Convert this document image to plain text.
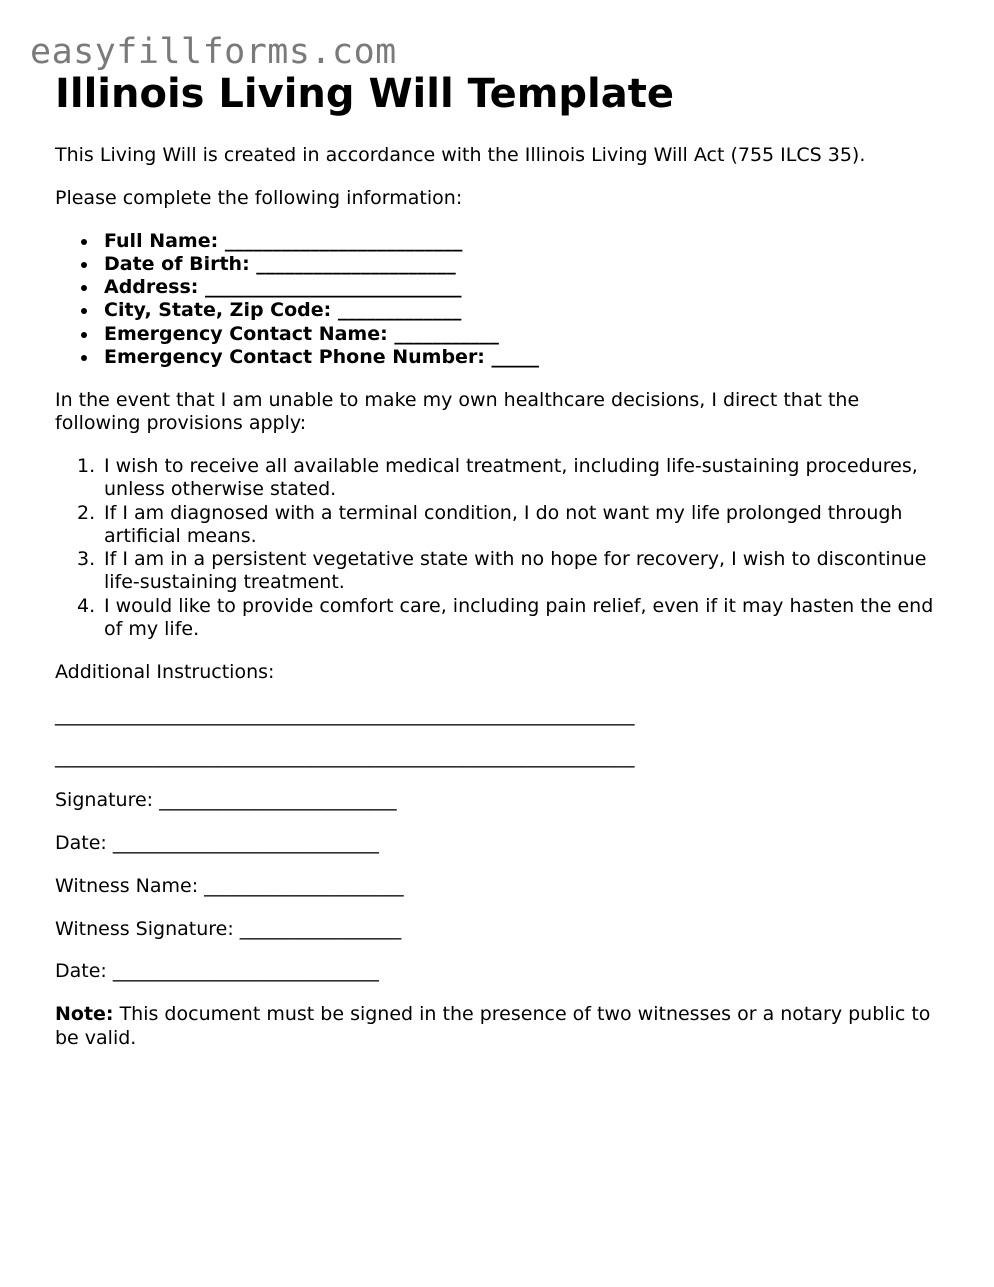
easyfillforms.com
Illinois Living Will Template

This Living Will is created in accordance with the Illinois Living Will Act (755 ILCS 35).

Please complete the following information:

Full Name: _________________________
Date of Birth: _____________________
Address: ___________________________
City, State, Zip Code: _____________
Emergency Contact Name: ___________
Emergency Contact Phone Number: _____

In the event that I am unable to make my own healthcare decisions, I direct that the following provisions apply:

1. I wish to receive all available medical treatment, including life-sustaining procedures, unless otherwise stated.
2. If I am diagnosed with a terminal condition, I do not want my life prolonged through artificial means.
3. If I am in a persistent vegetative state with no hope for recovery, I wish to discontinue life-sustaining treatment.
4. I would like to provide comfort care, including pain relief, even if it may hasten the end of my life.

Additional Instructions:

_____________________________________________________________
_____________________________________________________________
Signature: _________________________
Date: ____________________________
Witness Name: _____________________
Witness Signature: _________________
Date: ____________________________

Note: This document must be signed in the presence of two witnesses or a notary public to be valid.
